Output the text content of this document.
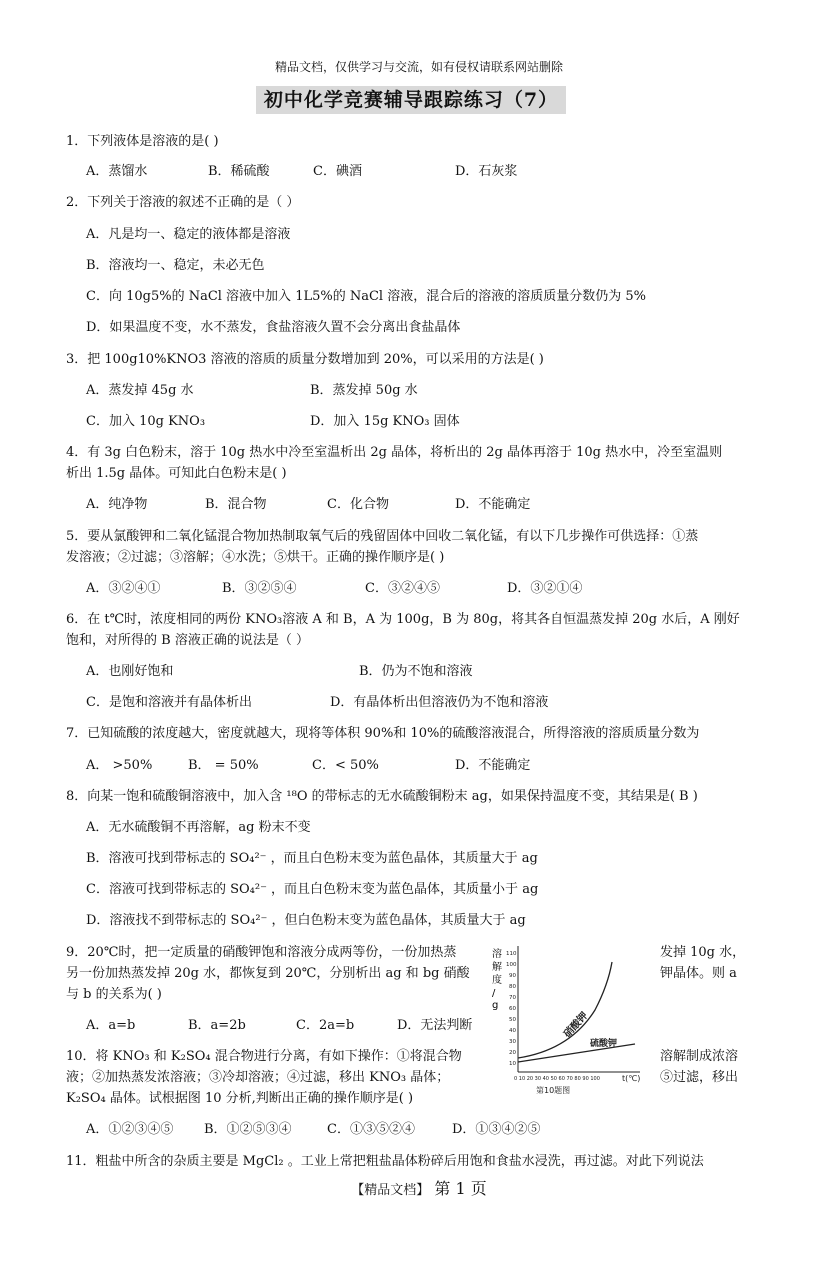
精品文档，仅供学习与交流，如有侵权请联系网站删除
初中化学竞赛辅导跟踪练习（7）
1．下列液体是溶液的是( )
A．蒸馏水	B．稀硫酸	C．碘酒	D．石灰浆
2．下列关于溶液的叙述不正确的是（ ）
A．凡是均一、稳定的液体都是溶液
B．溶液均一、稳定，未必无色
C．向 10g5%的 NaCl 溶液中加入 1L5%的 NaCl 溶液，混合后的溶液的溶质质量分数仍为 5%
D．如果温度不变，水不蒸发，食盐溶液久置不会分离出食盐晶体
3．把 100g10%KNO3 溶液的溶质的质量分数增加到 20%，可以采用的方法是( )
A．蒸发掉 45g 水	B．蒸发掉 50g 水
C．加入 10g KNO₃	D．加入 15g KNO₃ 固体
4．有 3g 白色粉末，溶于 10g 热水中冷至室温析出 2g 晶体，将析出的 2g 晶体再溶于 10g 热水中，冷至室温则
析出 1.5g 晶体。可知此白色粉末是( )
A．纯净物	B．混合物	C．化合物	D．不能确定
5．要从氯酸钾和二氧化锰混合物加热制取氧气后的残留固体中回收二氧化锰，有以下几步操作可供选择：①蒸
发溶液；②过滤；③溶解；④水洗；⑤烘干。正确的操作顺序是( )
A．③②④①	B．③②⑤④	C．③②④⑤	D．③②①④
6．在 t℃时，浓度相同的两份 KNO₃溶液 A 和 B，A 为 100g，B 为 80g，将其各自恒温蒸发掉 20g 水后，A 刚好
饱和，对所得的 B 溶液正确的说法是（ ）
A．也刚好饱和	B．仍为不饱和溶液
C．是饱和溶液并有晶体析出	D．有晶体析出但溶液仍为不饱和溶液
7．已知硫酸的浓度越大，密度就越大，现将等体积 90%和 10%的硫酸溶液混合，所得溶液的溶质质量分数为
A． >50%	B． = 50%	C．< 50%	D．不能确定
8．向某一饱和硫酸铜溶液中，加入含 ¹⁸O 的带标志的无水硫酸铜粉末 ag，如果保持温度不变，其结果是( B )
A．无水硫酸铜不再溶解，ag 粉末不变
B．溶液可找到带标志的 SO₄²⁻ ，而且白色粉末变为蓝色晶体，其质量大于 ag
C．溶液可找到带标志的 SO₄²⁻ ，而且白色粉末变为蓝色晶体，其质量小于 ag
D．溶液找不到带标志的 SO₄²⁻ ，但白色粉末变为蓝色晶体，其质量大于 ag
9．20℃时，把一定质量的硝酸钾饱和溶液分成两等份，一份加热蒸	发掉 10g 水，
另一份加热蒸发掉 20g 水，都恢复到 20℃，分别析出 ag 和 bg 硝酸	钾晶体。则 a
与 b 的关系为( )
A．a=b	B．a=2b	C．2a=b	D．无法判断
10．将 KNO₃ 和 K₂SO₄ 混合物进行分离，有如下操作：①将混合物	溶解制成浓溶
液；②加热蒸发浓溶液；③冷却溶液；④过滤，移出 KNO₃ 晶体；	⑤过滤，移出
K₂SO₄ 晶体。试根据图 10 分析,判断出正确的操作顺序是( )
A．①②③④⑤ B．①②⑤③④	C．①③⑤②④	D．①③④②⑤
11．粗盐中所含的杂质主要是 MgCl₂ 。工业上常把粗盐晶体粉碎后用饱和食盐水浸洗，再过滤。对此下列说法
溶
解
度
/
g
110
100
90
80
70
60
50
40
30
20
10
0 10 20 30 40 50 60 70 80 90 100	t(℃)
硝酸钾
硫酸钾
第10题图
【精品文档】 第 1 页
